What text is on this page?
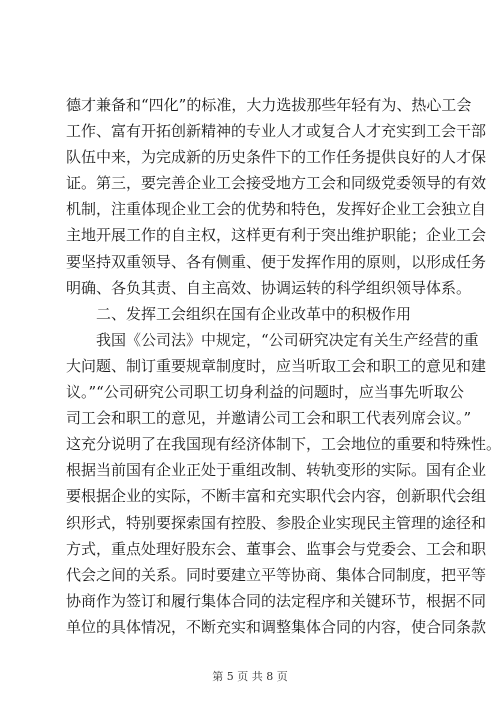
德才兼备和“四化”的标准，大力选拔那些年轻有为、热心工会
工作、富有开拓创新精神的专业人才或复合人才充实到工会干部
队伍中来，为完成新的历史条件下的工作任务提供良好的人才保
证。第三，要完善企业工会接受地方工会和同级党委领导的有效
机制，注重体现企业工会的优势和特色，发挥好企业工会独立自
主地开展工作的自主权，这样更有利于突出维护职能；企业工会
要坚持双重领导、各有侧重、便于发挥作用的原则，以形成任务
明确、各负其责、自主高效、协调运转的科学组织领导体系。
二、发挥工会组织在国有企业改革中的积极作用
我国《公司法》中规定，“公司研究决定有关生产经营的重
大问题、制订重要规章制度时，应当听取工会和职工的意见和建
议。”“公司研究公司职工切身利益的问题时，应当事先听取公
司工会和职工的意见，并邀请公司工会和职工代表列席会议。”
这充分说明了在我国现有经济体制下，工会地位的重要和特殊性。
根据当前国有企业正处于重组改制、转轨变形的实际。国有企业
要根据企业的实际，不断丰富和充实职代会内容，创新职代会组
织形式，特别要探索国有控股、参股企业实现民主管理的途径和
方式，重点处理好股东会、董事会、监事会与党委会、工会和职
代会之间的关系。同时要建立平等协商、集体合同制度，把平等
协商作为签订和履行集体合同的法定程序和关键环节，根据不同
单位的具体情况，不断充实和调整集体合同的内容，使合同条款
第 5 页 共 8 页
